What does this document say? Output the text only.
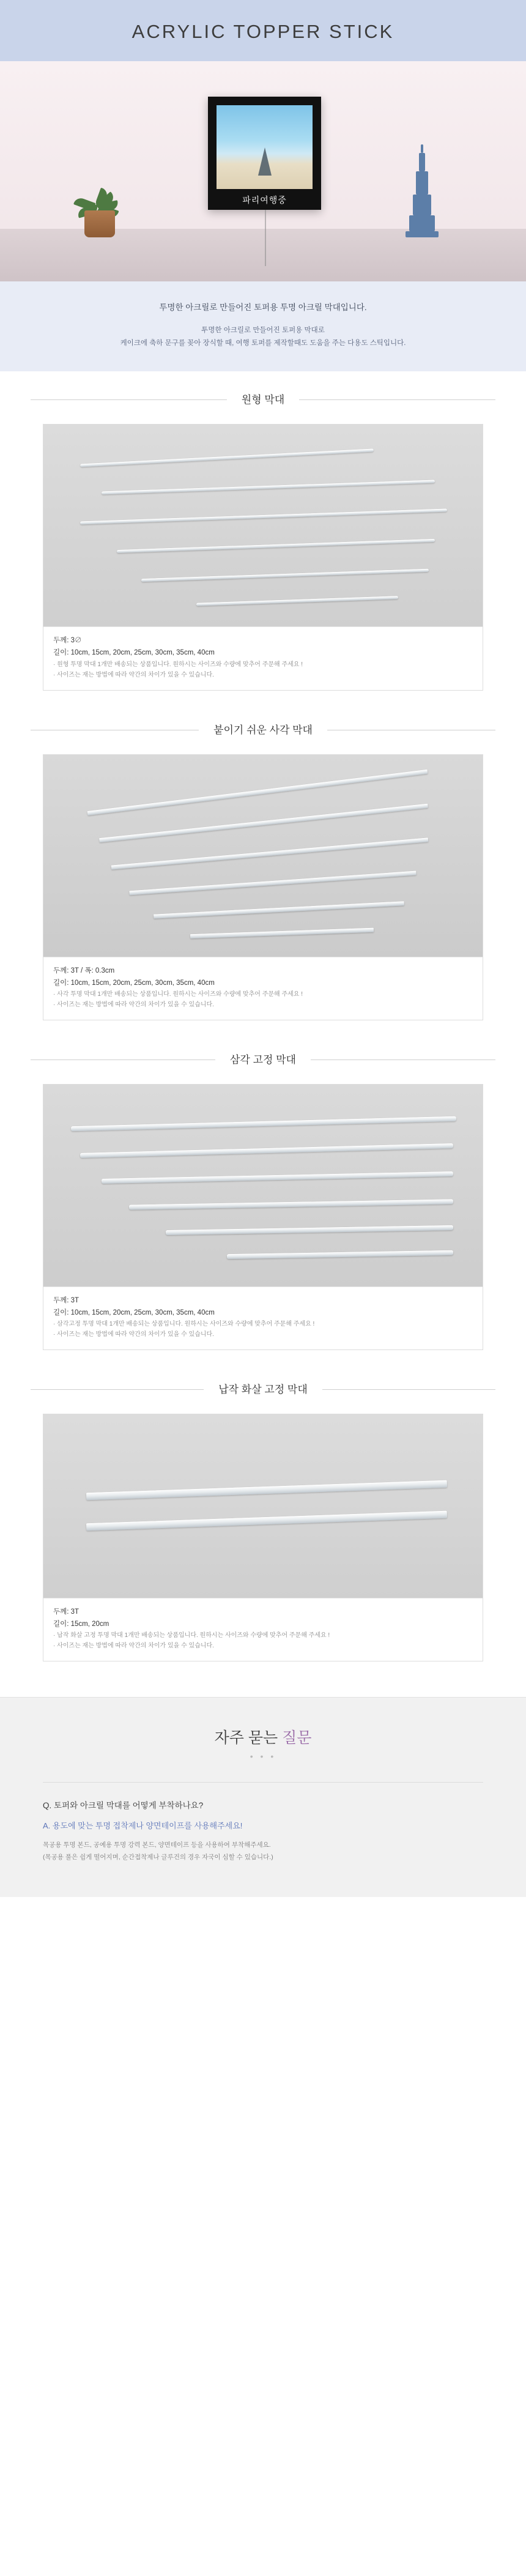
ACRYLIC TOPPER STICK
파리여행중
투명한 아크릴로 만들어진 토퍼용 투명 아크릴 막대입니다.
투명한 아크릴로 만들어진 토퍼용 막대로
케이크에 축하 문구를 꽂아 장식할 때, 여행 토퍼를 제작할때도 도움을 주는 다용도 스틱입니다.
원형 막대
두께: 3∅
길이: 10cm, 15cm, 20cm, 25cm, 30cm, 35cm, 40cm
· 원형 투명 막대 1개만 배송되는 상품입니다. 원하시는 사이즈와 수량에 맞추어 주문해 주세요 !
· 사이즈는 재는 방법에 따라 약간의 차이가 있을 수 있습니다.
붙이기 쉬운 사각 막대
두께: 3T / 폭: 0.3cm
길이: 10cm, 15cm, 20cm, 25cm, 30cm, 35cm, 40cm
· 사각 투명 막대 1개만 배송되는 상품입니다. 원하시는 사이즈와 수량에 맞추어 주문해 주세요 !
· 사이즈는 재는 방법에 따라 약간의 차이가 있을 수 있습니다.
삼각 고정 막대
두께: 3T
길이: 10cm, 15cm, 20cm, 25cm, 30cm, 35cm, 40cm
· 삼각고정 투명 막대 1개만 배송되는 상품입니다. 원하시는 사이즈와 수량에 맞추어 주문해 주세요 !
· 사이즈는 재는 방법에 따라 약간의 차이가 있을 수 있습니다.
납작 화살 고정 막대
두께: 3T
길이: 15cm, 20cm
· 납작 화살 고정 투명 막대 1개만 배송되는 상품입니다. 원하시는 사이즈와 수량에 맞추어 주문해 주세요 !
· 사이즈는 재는 방법에 따라 약간의 차이가 있을 수 있습니다.
자주 묻는 질문
• • •
Q. 토퍼와 아크릴 막대를 어떻게 부착하나요?
A. 용도에 맞는 투명 접착제나 양면테이프를 사용해주세요!
목공용 투명 본드, 공예용 투명 강력 본드, 양면테이프 등을 사용하여 부착해주세요.
(목공용 풀은 쉽게 떨어지며, 순간접착제나 글루건의 경우 자국이 심할 수 있습니다.)
